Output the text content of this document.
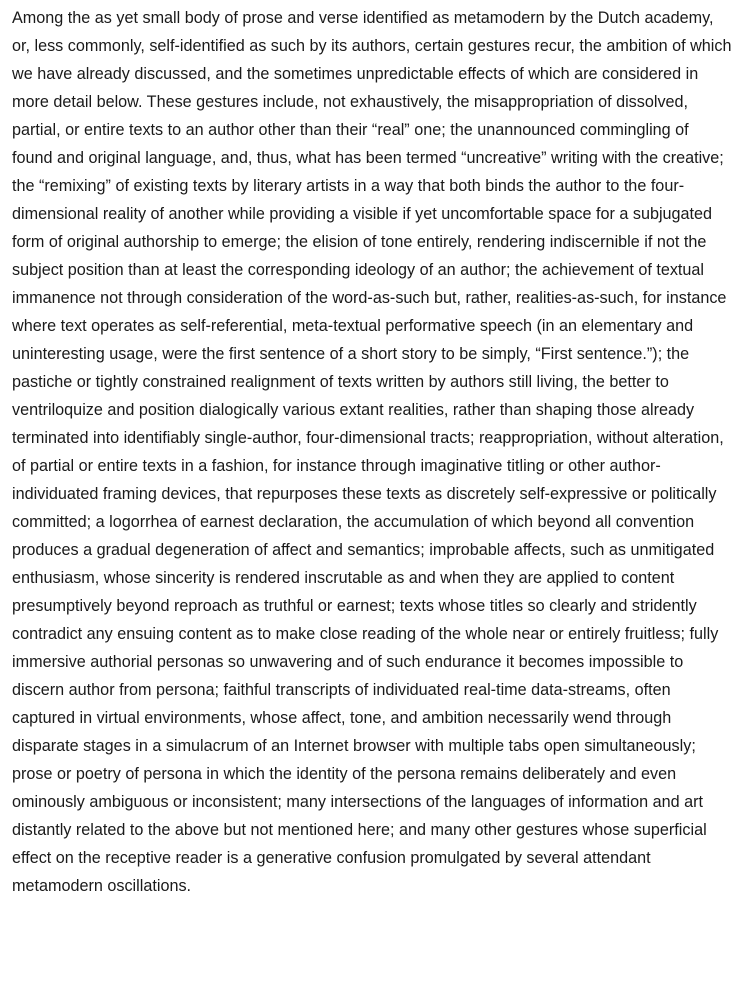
Among the as yet small body of prose and verse identified as metamodern by the Dutch academy, or, less commonly, self-identified as such by its authors, certain gestures recur, the ambition of which we have already discussed, and the sometimes unpredictable effects of which are considered in more detail below. These gestures include, not exhaustively, the misappropriation of dissolved, partial, or entire texts to an author other than their “real” one; the unannounced commingling of found and original language, and, thus, what has been termed “uncreative” writing with the creative; the “remixing” of existing texts by literary artists in a way that both binds the author to the four-dimensional reality of another while providing a visible if yet uncomfortable space for a subjugated form of original authorship to emerge; the elision of tone entirely, rendering indiscernible if not the subject position than at least the corresponding ideology of an author; the achievement of textual immanence not through consideration of the word-as-such but, rather, realities-as-such, for instance where text operates as self-referential, meta-textual performative speech (in an elementary and uninteresting usage, were the first sentence of a short story to be simply, “First sentence.”); the pastiche or tightly constrained realignment of texts written by authors still living, the better to ventriloquize and position dialogically various extant realities, rather than shaping those already terminated into identifiably single-author, four-dimensional tracts; reappropriation, without alteration, of partial or entire texts in a fashion, for instance through imaginative titling or other author-individuated framing devices, that repurposes these texts as discretely self-expressive or politically committed; a logorrhea of earnest declaration, the accumulation of which beyond all convention produces a gradual degeneration of affect and semantics; improbable affects, such as unmitigated enthusiasm, whose sincerity is rendered inscrutable as and when they are applied to content presumptively beyond reproach as truthful or earnest; texts whose titles so clearly and stridently contradict any ensuing content as to make close reading of the whole near or entirely fruitless; fully immersive authorial personas so unwavering and of such endurance it becomes impossible to discern author from persona; faithful transcripts of individuated real-time data-streams, often captured in virtual environments, whose affect, tone, and ambition necessarily wend through disparate stages in a simulacrum of an Internet browser with multiple tabs open simultaneously; prose or poetry of persona in which the identity of the persona remains deliberately and even ominously ambiguous or inconsistent; many intersections of the languages of information and art distantly related to the above but not mentioned here; and many other gestures whose superficial effect on the receptive reader is a generative confusion promulgated by several attendant metamodern oscillations.
